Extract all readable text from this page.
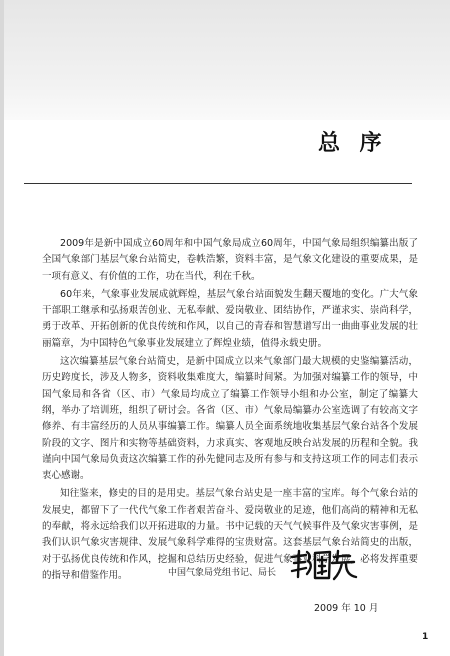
总 序

2009年是新中国成立60周年和中国气象局成立60周年，中国气象局组织编纂出版了全国气象部门基层气象台站简史，卷帙浩繁，资料丰富，是气象文化建设的重要成果，是一项有意义、有价值的工作，功在当代，利在千秋。

60年来，气象事业发展成就辉煌，基层气象台站面貌发生翻天覆地的变化。广大气象干部职工继承和弘扬艰苦创业、无私奉献、爱岗敬业、团结协作，严谨求实、崇尚科学，勇于改革、开拓创新的优良传统和作风，以自己的青春和智慧谱写出一曲曲事业发展的壮丽篇章，为中国特色气象事业发展建立了辉煌业绩，值得永载史册。

这次编纂基层气象台站简史，是新中国成立以来气象部门最大规模的史鉴编纂活动，历史跨度长，涉及人物多，资料收集难度大，编纂时间紧。为加强对编纂工作的领导，中国气象局和各省（区、市）气象局均成立了编纂工作领导小组和办公室，制定了编纂大纲，举办了培训班，组织了研讨会。各省（区、市）气象局编纂办公室选调了有较高文字修养、有丰富经历的人员从事编纂工作。编纂人员全面系统地收集基层气象台站各个发展阶段的文字、图片和实物等基础资料，力求真实、客观地反映台站发展的历程和全貌。我谨向中国气象局负责这次编纂工作的孙先健同志及所有参与和支持这项工作的同志们表示衷心感谢。

知往鉴来，修史的目的是用史。基层气象台站史是一座丰富的宝库。每个气象台站的发展史，都留下了一代代气象工作者艰苦奋斗、爱岗敬业的足迹，他们高尚的精神和无私的奉献，将永远给我们以开拓进取的力量。书中记载的天气气候事件及气象灾害事例，是我们认识气象灾害规律、发展气象科学难得的宝贵财富。这套基层气象台站简史的出版，对于弘扬优良传统和作风，挖掘和总结历史经验，促进气象事业科学发展，必将发挥重要的指导和借鉴作用。	中国气象局党组书记、局长
2009 年 10 月
1
